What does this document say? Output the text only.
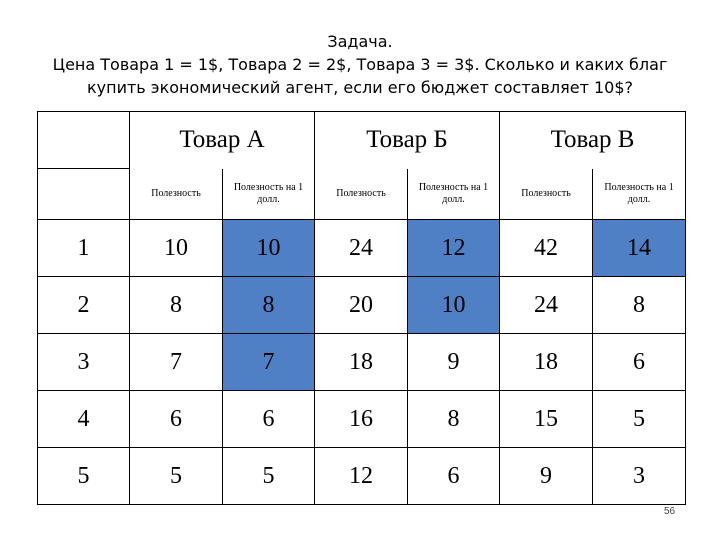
Задача.
Цена Товара 1 = 1$, Товара 2 = 2$, Товара 3 = 3$. Сколько и каких благ
купить экономический агент, если его бюджет составляет 10$?
	Товар А		Товар Б		Товар В	
	Полезность	Полезность на 1 долл.	Полезность	Полезность на 1 долл.	Полезность	Полезность на 1 долл.
1	10	10	24	12	42	14
2	8	8	20	10	24	8
3	7	7	18	9	18	6
4	6	6	16	8	15	5
5	5	5	12	6	9	3
56
